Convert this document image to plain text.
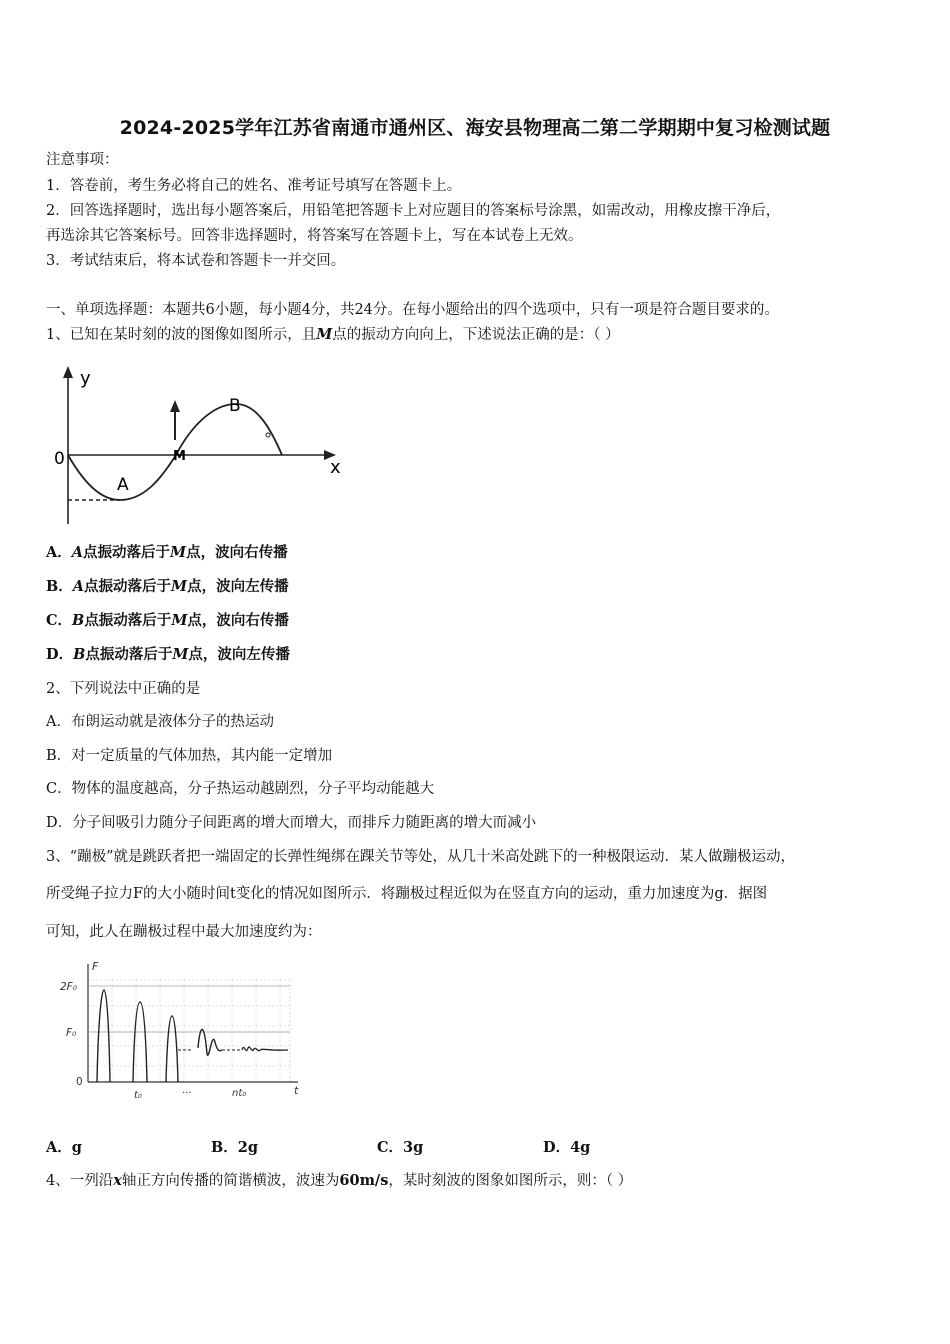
2024-2025学年江苏省南通市通州区、海安县物理高二第二学期期中复习检测试题
注意事项：
1．答卷前，考生务必将自己的姓名、准考证号填写在答题卡上。
2．回答选择题时，选出每小题答案后，用铅笔把答题卡上对应题目的答案标号涂黑，如需改动，用橡皮擦干净后，
再选涂其它答案标号。回答非选择题时，将答案写在答题卡上，写在本试卷上无效。
3．考试结束后，将本试卷和答题卡一并交回。
一、单项选择题：本题共6小题，每小题4分，共24分。在每小题给出的四个选项中，只有一项是符合题目要求的。
1、已知在某时刻的波的图像如图所示，且M点的振动方向向上，下述说法正确的是：（ ）
y
x
0
A
B
M
A．A点振动落后于M点，波向右传播
B．A点振动落后于M点，波向左传播
C．B点振动落后于M点，波向右传播
D．B点振动落后于M点，波向左传播
2、下列说法中正确的是
A．布朗运动就是液体分子的热运动
B．对一定质量的气体加热，其内能一定增加
C．物体的温度越高，分子热运动越剧烈，分子平均动能越大
D．分子间吸引力随分子间距离的增大而增大，而排斥力随距离的增大而减小
3、“蹦极”就是跳跃者把一端固定的长弹性绳绑在踝关节等处，从几十米高处跳下的一种极限运动．某人做蹦极运动，
所受绳子拉力F的大小随时间t变化的情况如图所示．将蹦极过程近似为在竖直方向的运动，重力加速度为g．据图
可知，此人在蹦极过程中最大加速度约为：
F
t
2F₀
F₀
0
t₀	···	nt₀
A．g	B．2g	C．3g	D．4g
4、一列沿x轴正方向传播的简谐横波，波速为60m/s，某时刻波的图象如图所示，则：（ ）
